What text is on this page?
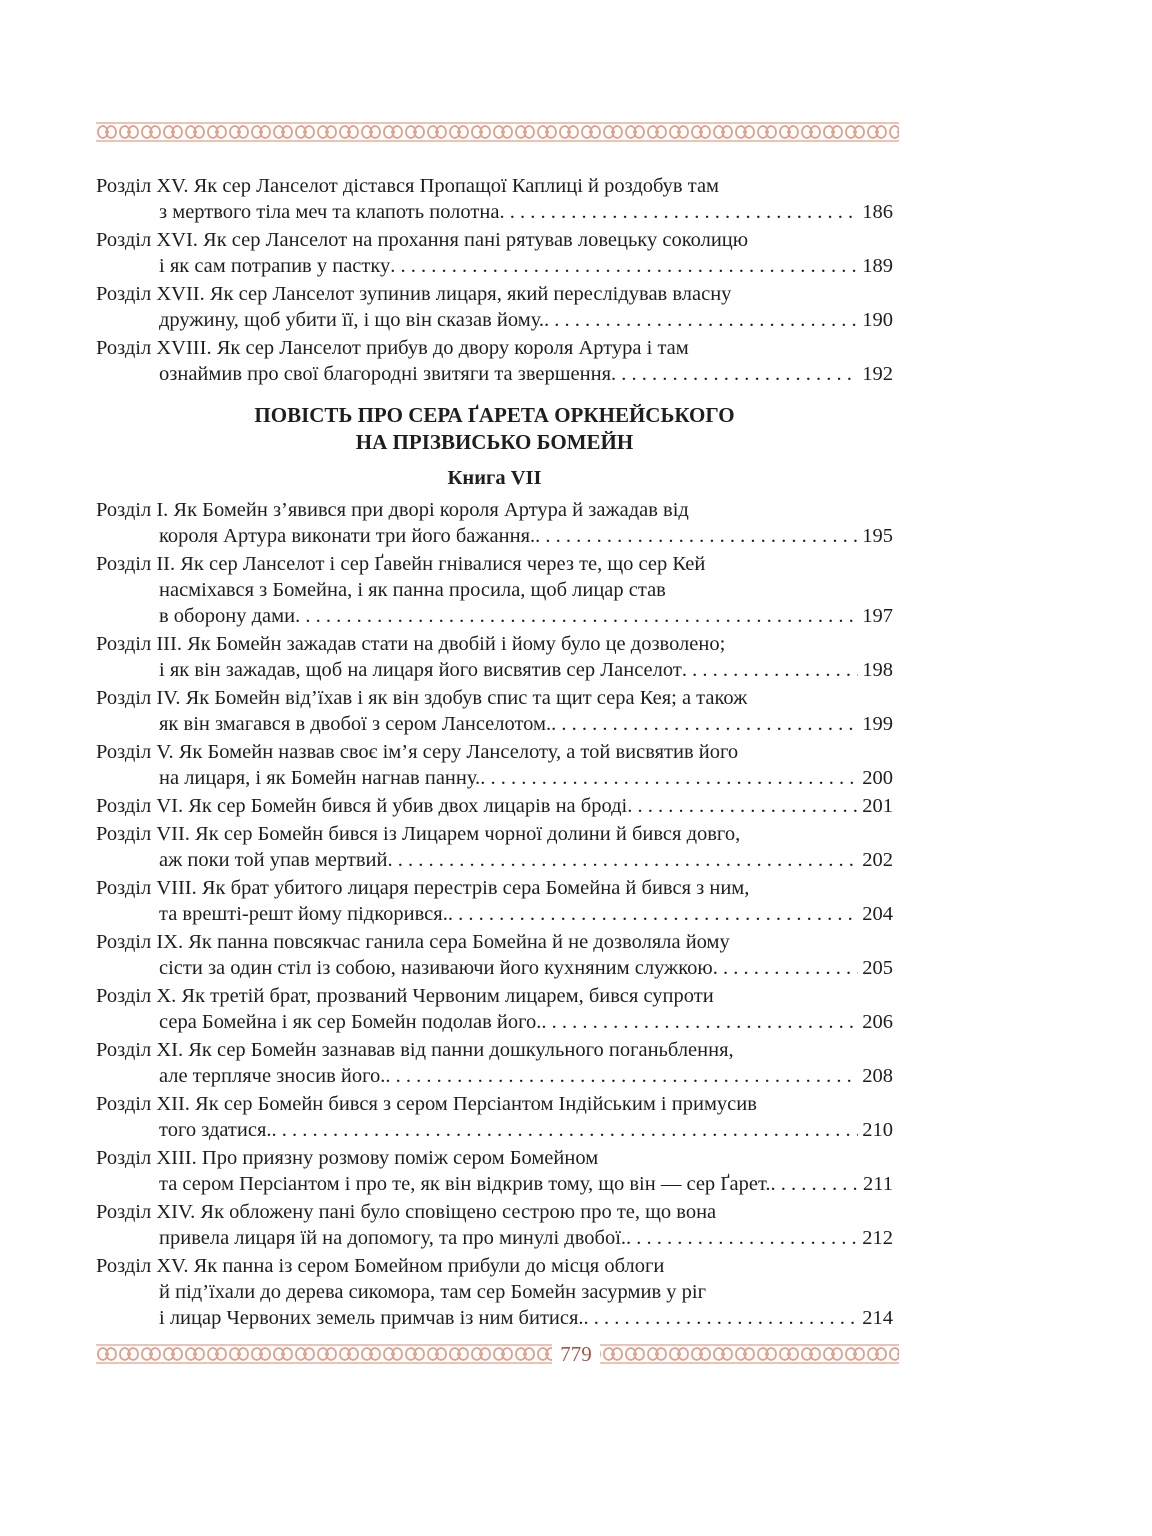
Розділ XV. Як сер Ланселот дістався Пропащої Каплиці й роздобув там
з мертвого тіла меч та клапоть полотна . . .	186
Розділ XVI. Як сер Ланселот на прохання пані рятував ловецьку соколицю
і як сам потрапив у пастку . . .	189
Розділ XVII. Як сер Ланселот зупинив лицаря, який переслідував власну
дружину, щоб убити її, і що він сказав йому. . . .	190
Розділ XVIII. Як сер Ланселот прибув до двору короля Артура і там
ознаймив про свої благородні звитяги та звершення . . .	192
ПОВІСТЬ ПРО СЕРА ҐАРЕТА ОРКНЕЙСЬКОГО
НА ПРІЗВИСЬКО БОМЕЙН
Книга VII
Розділ I. Як Бомейн з’явився при дворі короля Артура й зажадав від
короля Артура виконати три його бажання. . . .	195
Розділ II. Як сер Ланселот і сер Ґавейн гнівалися через те, що сер Кей
насміхався з Бомейна, і як панна просила, щоб лицар став
в оборону дами . . .	197
Розділ III. Як Бомейн зажадав стати на двобій і йому було це дозволено;
і як він зажадав, щоб на лицаря його висвятив сер Ланселот . . .	198
Розділ IV. Як Бомейн від’їхав і як він здобув спис та щит сера Кея; а також
як він змагався в двобої з сером Ланселотом. . . .	199
Розділ V. Як Бомейн назвав своє ім’я серу Ланселоту, а той висвятив його
на лицаря, і як Бомейн нагнав панну. . . .	200
Розділ VI. Як сер Бомейн бився й убив двох лицарів на броді . . .	201
Розділ VII. Як сер Бомейн бився із Лицарем чорної долини й бився довго,
аж поки той упав мертвий . . .	202
Розділ VIII. Як брат убитого лицаря перестрів сера Бомейна й бився з ним,
та врешті-решт йому підкорився. . . .	204
Розділ IX. Як панна повсякчас ганила сера Бомейна й не дозволяла йому
сісти за один стіл із собою, називаючи його кухняним служкою . . .	205
Розділ X. Як третій брат, прозваний Червоним лицарем, бився супроти
сера Бомейна і як сер Бомейн подолав його. . . .	206
Розділ XI. Як сер Бомейн зазнавав від панни дошкульного поганьблення,
але терпляче зносив його. . . .	208
Розділ XII. Як сер Бомейн бився з сером Персіантом Індійським і примусив
того здатися. . . .	210
Розділ XIII. Про приязну розмову поміж сером Бомейном
та сером Персіантом і про те, як він відкрив тому, що він — сер Ґарет. . . .	211
Розділ XIV. Як обложену пані було сповіщено сестрою про те, що вона
привела лицаря їй на допомогу, та про минулі двобої. . . .	212
Розділ XV. Як панна із сером Бомейном прибули до місця облоги
й під’їхали до дерева сикомора, там сер Бомейн засурмив у ріг
і лицар Червоних земель примчав із ним битися. . . .	214
779
